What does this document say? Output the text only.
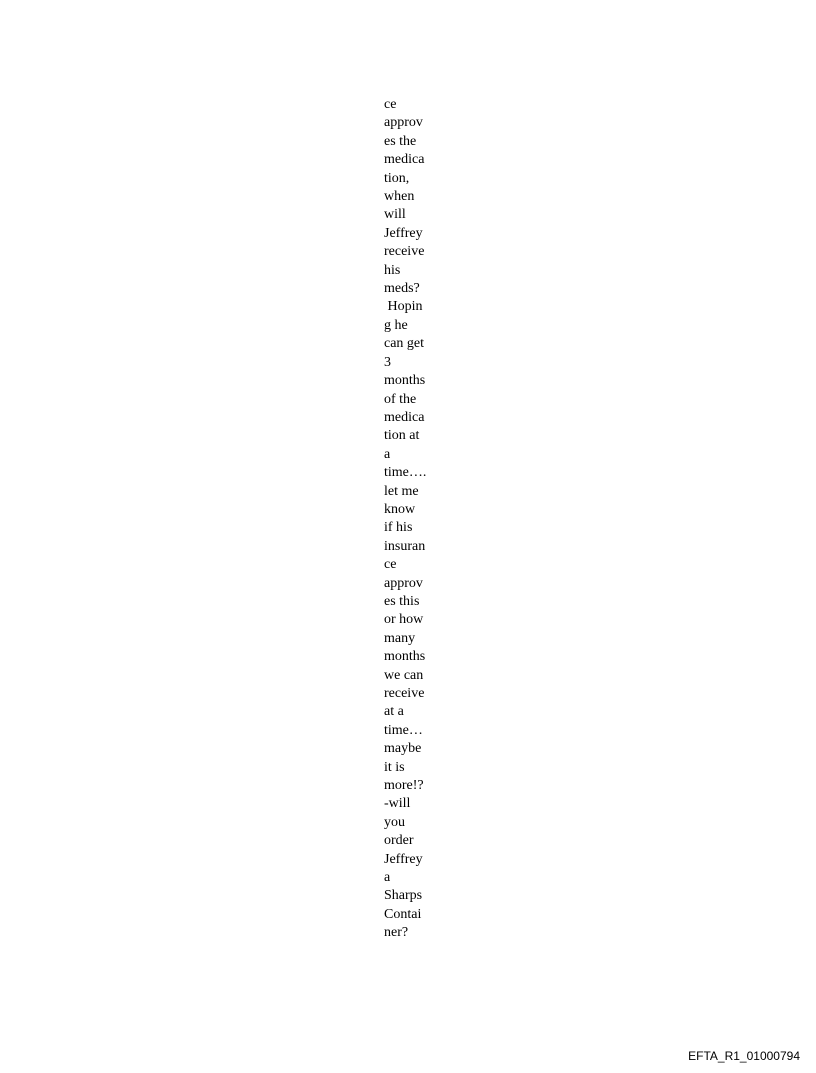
ce
approv
es the
medica
tion,
when
will
Jeffrey
receive
his
meds?
Hopin
g he
can get
3
months
of the
medica
tion at
a
time….
let me
know
if his
insuran
ce
approv
es this
or how
many
months
we can
receive
at a
time…
maybe
it is
more!?
-will
you
order
Jeffrey
a
Sharps
Contai
ner?
EFTA_R1_01000794
